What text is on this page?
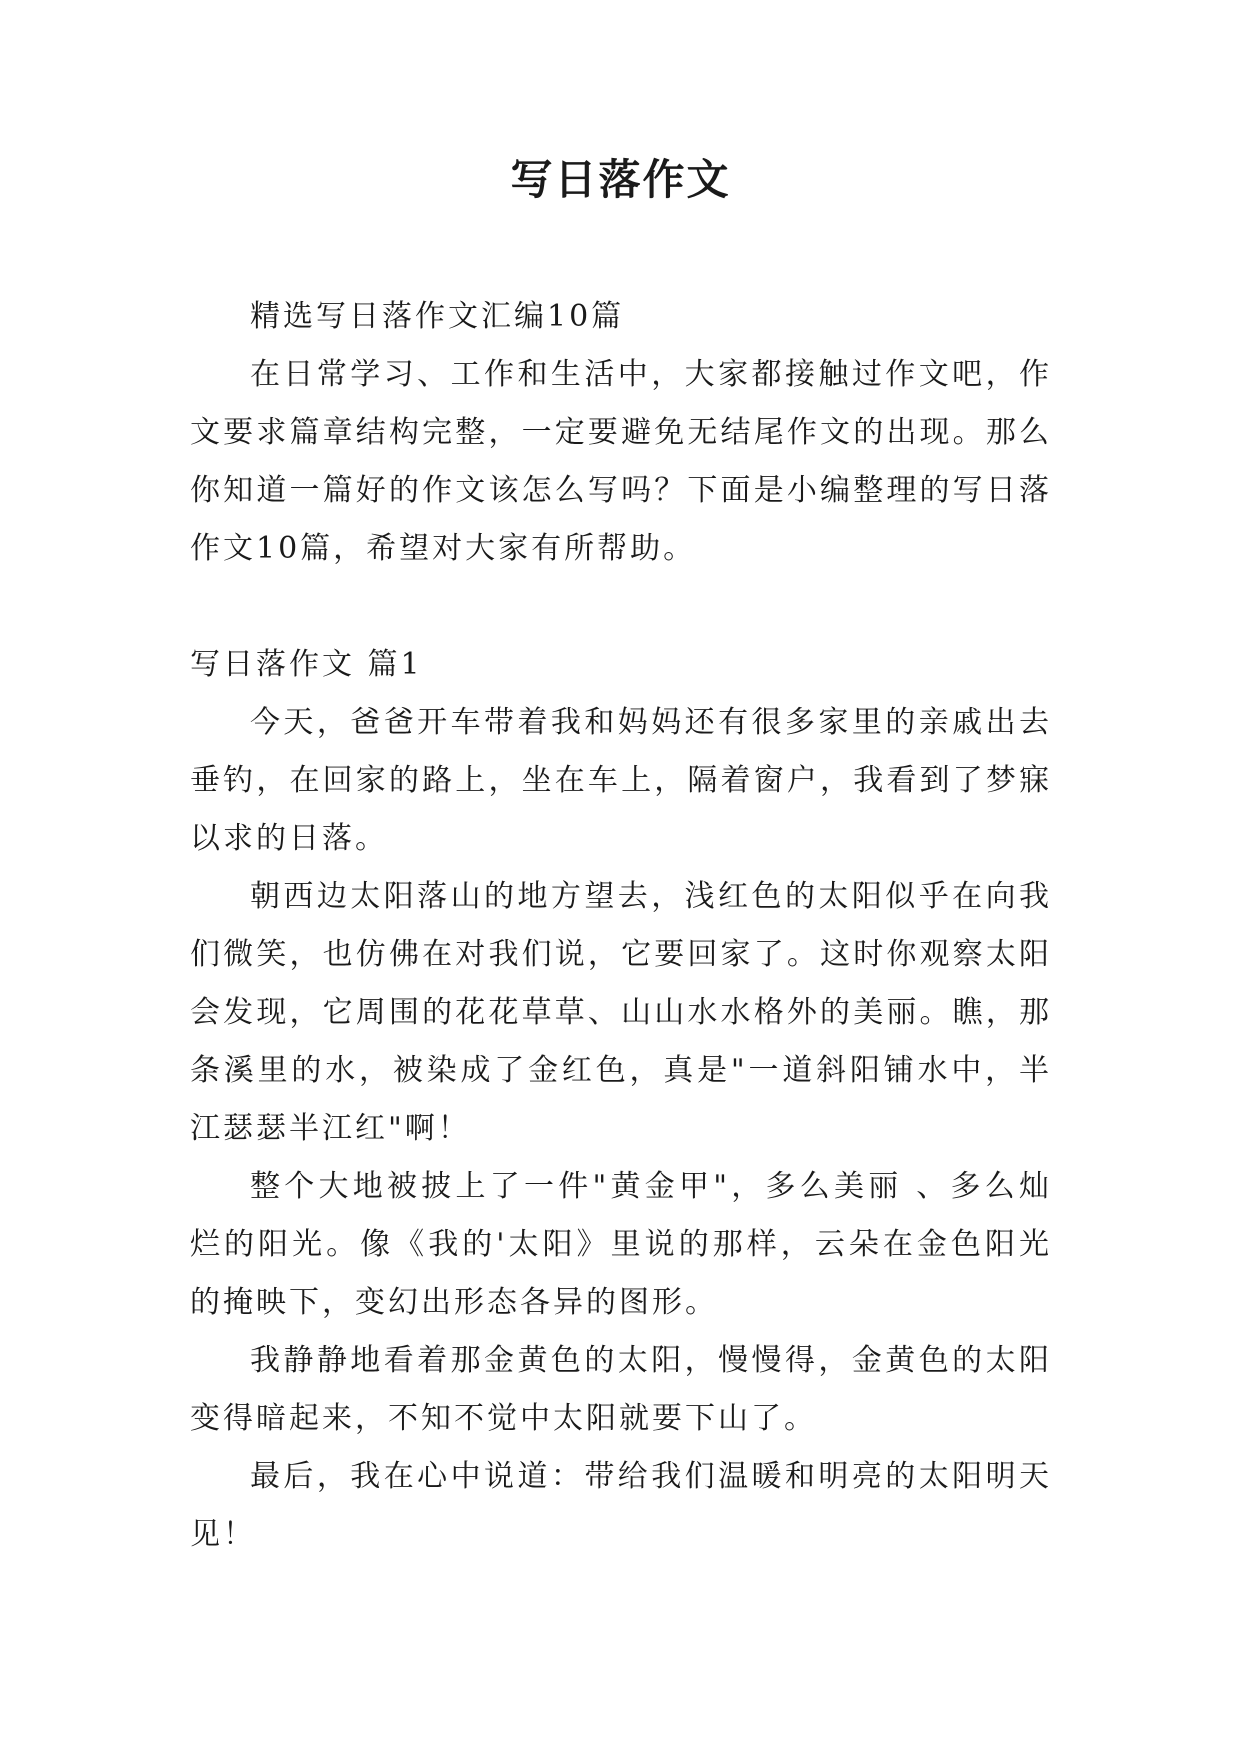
写日落作文

精选写日落作文汇编10篇

在日常学习、工作和生活中，大家都接触过作文吧，作文要求篇章结构完整，一定要避免无结尾作文的出现。那么你知道一篇好的作文该怎么写吗？下面是小编整理的写日落作文10篇，希望对大家有所帮助。

写日落作文 篇1

今天，爸爸开车带着我和妈妈还有很多家里的亲戚出去垂钓，在回家的路上，坐在车上，隔着窗户，我看到了梦寐以求的日落。

朝西边太阳落山的地方望去，浅红色的太阳似乎在向我们微笑，也仿佛在对我们说，它要回家了。这时你观察太阳会发现，它周围的花花草草、山山水水格外的美丽。瞧，那条溪里的水，被染成了金红色，真是"一道斜阳铺水中，半江瑟瑟半江红"啊！

整个大地被披上了一件"黄金甲"，多么美丽 、多么灿烂的阳光。像《我的'太阳》里说的那样，云朵在金色阳光的掩映下，变幻出形态各异的图形。

我静静地看着那金黄色的太阳，慢慢得，金黄色的太阳变得暗起来，不知不觉中太阳就要下山了。

最后，我在心中说道：带给我们温暖和明亮的太阳明天见！
